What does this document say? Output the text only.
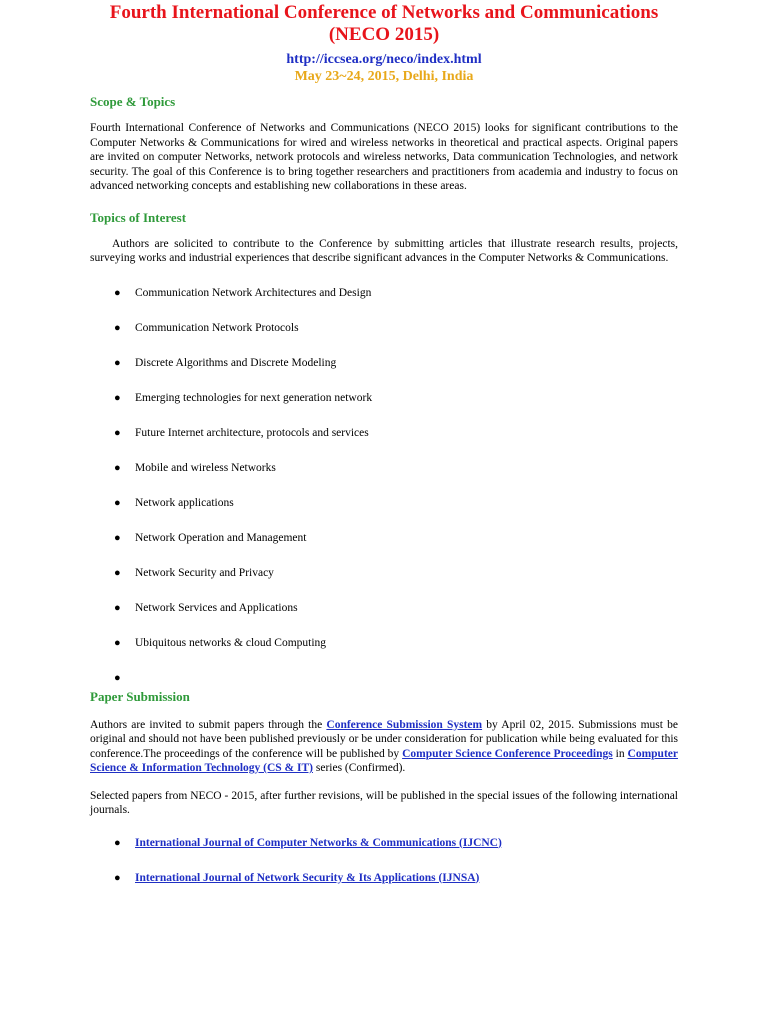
Fourth International Conference of Networks and Communications
(NECO 2015)
http://iccsea.org/neco/index.html
May 23~24, 2015, Delhi, India
Scope & Topics

Fourth International Conference of Networks and Communications (NECO 2015) looks for significant contributions to the Computer Networks & Communications for wired and wireless networks in theoretical and practical aspects. Original papers are invited on computer Networks, network protocols and wireless networks, Data communication Technologies, and network security. The goal of this Conference is to bring together researchers and practitioners from academia and industry to focus on advanced networking concepts and establishing new collaborations in these areas.

Topics of Interest

Authors are solicited to contribute to the Conference by submitting articles that illustrate research results, projects, surveying works and industrial experiences that describe significant advances in the Computer Networks & Communications.

● Communication Network Architectures and Design
● Communication Network Protocols
● Discrete Algorithms and Discrete Modeling
● Emerging technologies for next generation network
● Future Internet architecture, protocols and services
● Mobile and wireless Networks
● Network applications
● Network Operation and Management
● Network Security and Privacy
● Network Services and Applications
● Ubiquitous networks & cloud Computing
●
Paper Submission

Authors are invited to submit papers through the Conference Submission System by April 02, 2015. Submissions must be original and should not have been published previously or be under consideration for publication while being evaluated for this conference.The proceedings of the conference will be published by Computer Science Conference Proceedings in Computer Science & Information Technology (CS & IT) series (Confirmed).

Selected papers from NECO - 2015, after further revisions, will be published in the special issues of the following international journals.

● International Journal of Computer Networks & Communications (IJCNC)
● International Journal of Network Security & Its Applications (IJNSA)
